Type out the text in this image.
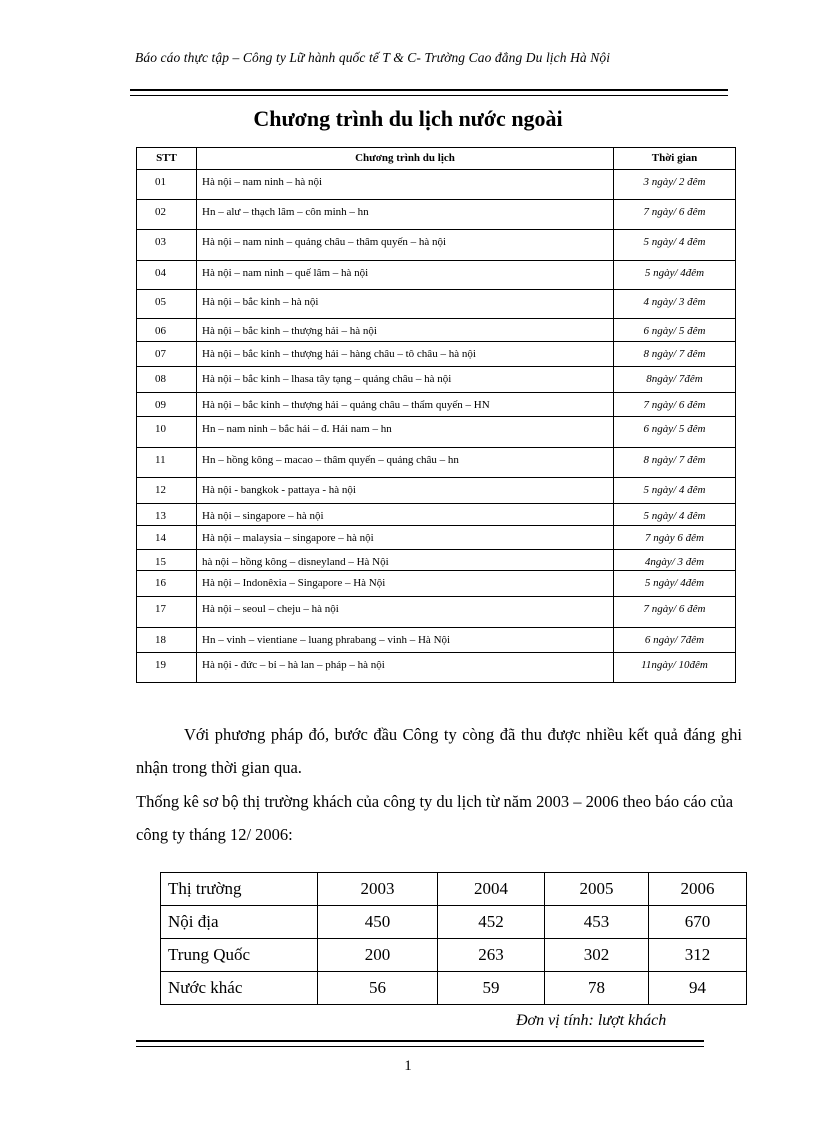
Báo cáo thực tập – Công ty Lữ hành quốc tế T & C- Trường Cao đẳng Du lịch Hà Nội
Chương trình du lịch nước ngoài
STT	Chương trình du lịch	Thời gian
01	Hà nội – nam ninh – hà nội	3 ngày/ 2 đêm
02	Hn – alư – thạch lâm – côn minh – hn	7 ngày/ 6 đêm
03	Hà nội – nam ninh – quảng châu – thâm quyến – hà nội	5 ngày/ 4 đêm
04	Hà nội – nam ninh – quế lâm – hà nội	5 ngày/ 4đêm
05	Hà nội – bắc kinh – hà nội	4 ngày/ 3 đêm
06	Hà nội – bắc kinh – thượng hải – hà nội	6 ngày/ 5 đêm
07	Hà nội – bắc kinh – thượng hải – hàng châu – tô châu – hà nội	8 ngày/ 7 đêm
08	Hà nội – bắc kinh – lhasa tây tạng – quảng châu – hà nội	8ngày/ 7đêm
09	Hà nội – bắc kinh – thượng hải – quảng châu – thẩm quyến – HN	7 ngày/ 6 đêm
10	Hn – nam ninh – bắc hải – đ. Hải nam – hn	6 ngày/ 5 đêm
11	Hn – hồng kông – macao – thâm quyến – quảng châu – hn	8 ngày/ 7 đêm
12	Hà nội - bangkok - pattaya - hà nội	5 ngày/ 4 đêm
13	Hà nội – singapore – hà nội	5 ngày/ 4 đêm
14	Hà nội – malaysia – singapore – hà nội	7 ngày 6 đêm
15	hà nội – hồng kông – disneyland – Hà Nội	4ngày/ 3 đêm
16	Hà nội – Indonêxia – Singapore – Hà Nội	5 ngày/ 4đêm
17	Hà nội – seoul – cheju – hà nội	7 ngày/ 6 đêm
18	Hn – vinh – vientiane – luang phrabang – vinh – Hà Nội	6 ngày/ 7đêm
19	Hà nội - đức – bỉ – hà lan – pháp – hà nội	11ngày/ 10đêm
Với phương pháp đó, bước đầu Công ty còng đã thu được nhiều kết quả đáng ghi nhận trong thời gian qua.
Thống kê sơ bộ thị trường khách của công ty du lịch từ năm 2003 – 2006 theo báo cáo của công ty tháng 12/ 2006:
Thị trường	2003	2004	2005	2006
Nội địa	450	452	453	670
Trung Quốc	200	263	302	312
Nước khác	56	59	78	94
Đơn vị tính: lượt khách
1
